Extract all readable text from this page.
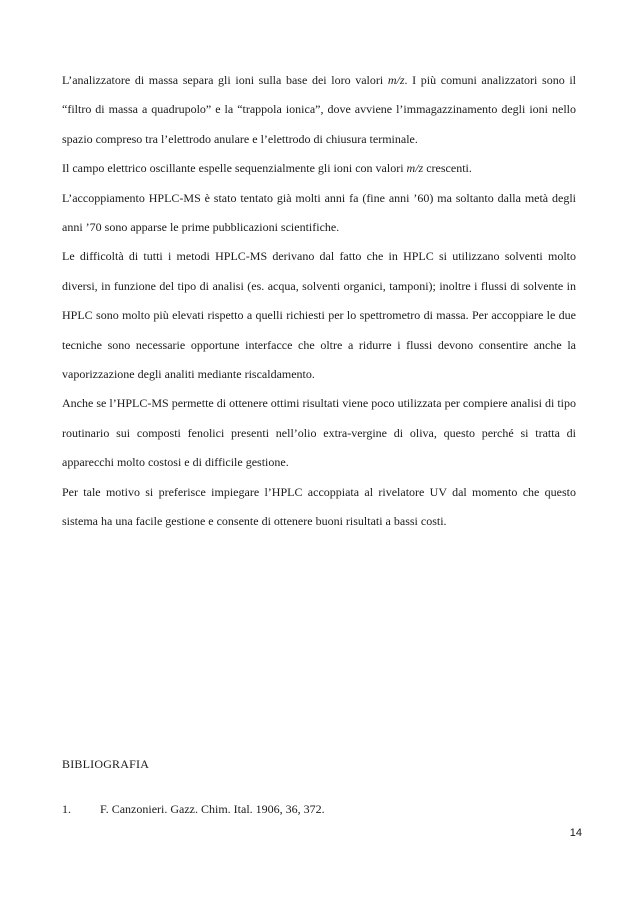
L’analizzatore di massa separa gli ioni sulla base dei loro valori m/z. I più comuni analizzatori sono il “filtro di massa a quadrupolo” e la “trappola ionica”, dove avviene l’immagazzinamento degli ioni nello spazio compreso tra l’elettrodo anulare e l’elettrodo di chiusura terminale.

Il campo elettrico oscillante espelle sequenzialmente gli ioni con valori m/z crescenti.

L’accoppiamento HPLC-MS è stato tentato già molti anni fa (fine anni ’60) ma soltanto dalla metà degli anni ’70 sono apparse le prime pubblicazioni scientifiche.

Le difficoltà di tutti i metodi HPLC-MS derivano dal fatto che in HPLC si utilizzano solventi molto diversi, in funzione del tipo di analisi (es. acqua, solventi organici, tamponi); inoltre i flussi di solvente in HPLC sono molto più elevati rispetto a quelli richiesti per lo spettrometro di massa. Per accoppiare le due tecniche sono necessarie opportune interfacce che oltre a ridurre i flussi devono consentire anche la vaporizzazione degli analiti mediante riscaldamento.

Anche se l’HPLC-MS permette di ottenere ottimi risultati viene poco utilizzata per compiere analisi di tipo routinario sui composti fenolici presenti nell’olio extra-vergine di oliva, questo perché si tratta di apparecchi molto costosi e di difficile gestione.

Per tale motivo si preferisce impiegare l’HPLC accoppiata al rivelatore UV dal momento che questo sistema ha una facile gestione e consente di ottenere buoni risultati a bassi costi.

BIBLIOGRAFIA
1.	F. Canzonieri. Gazz. Chim. Ital. 1906, 36, 372.
14
